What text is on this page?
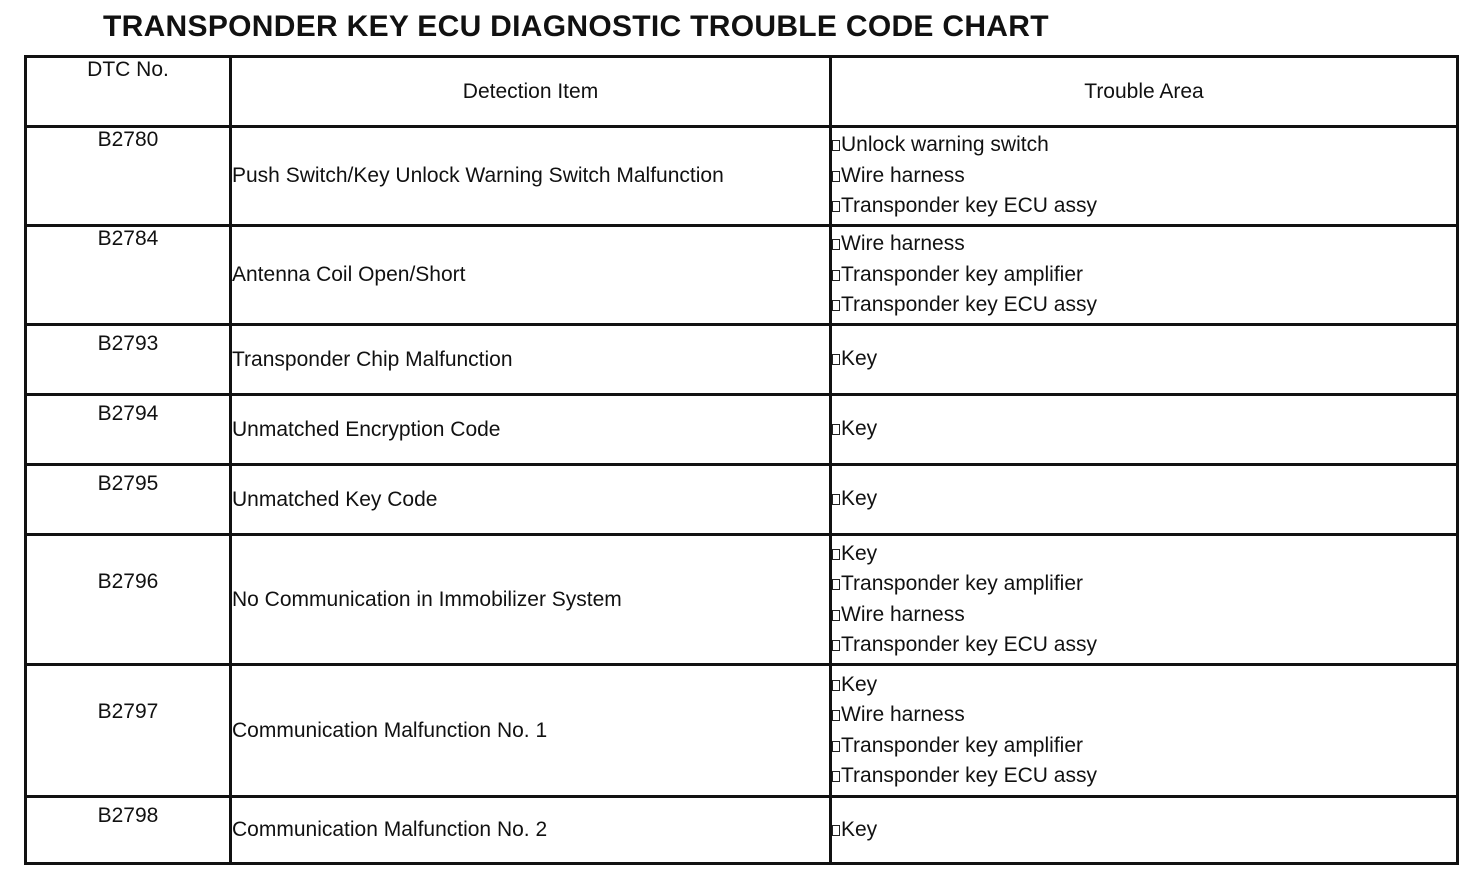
TRANSPONDER KEY ECU DIAGNOSTIC TROUBLE CODE CHART
DTC No.	Detection Item	Trouble Area
B2780	Push Switch/Key Unlock Warning Switch Malfunction	Unlock warning switch
Wire harness
Transponder key ECU assy

B2784	Antenna Coil Open/Short	Wire harness
Transponder key amplifier
Transponder key ECU assy

B2793	Transponder Chip Malfunction	Key

B2794	Unmatched Encryption Code	Key

B2795	Unmatched Key Code	Key

B2796	No Communication in Immobilizer System	Key
Transponder key amplifier
Wire harness
Transponder key ECU assy

B2797	Communication Malfunction No. 1	Key
Wire harness
Transponder key amplifier
Transponder key ECU assy

B2798	Communication Malfunction No. 2	Key
